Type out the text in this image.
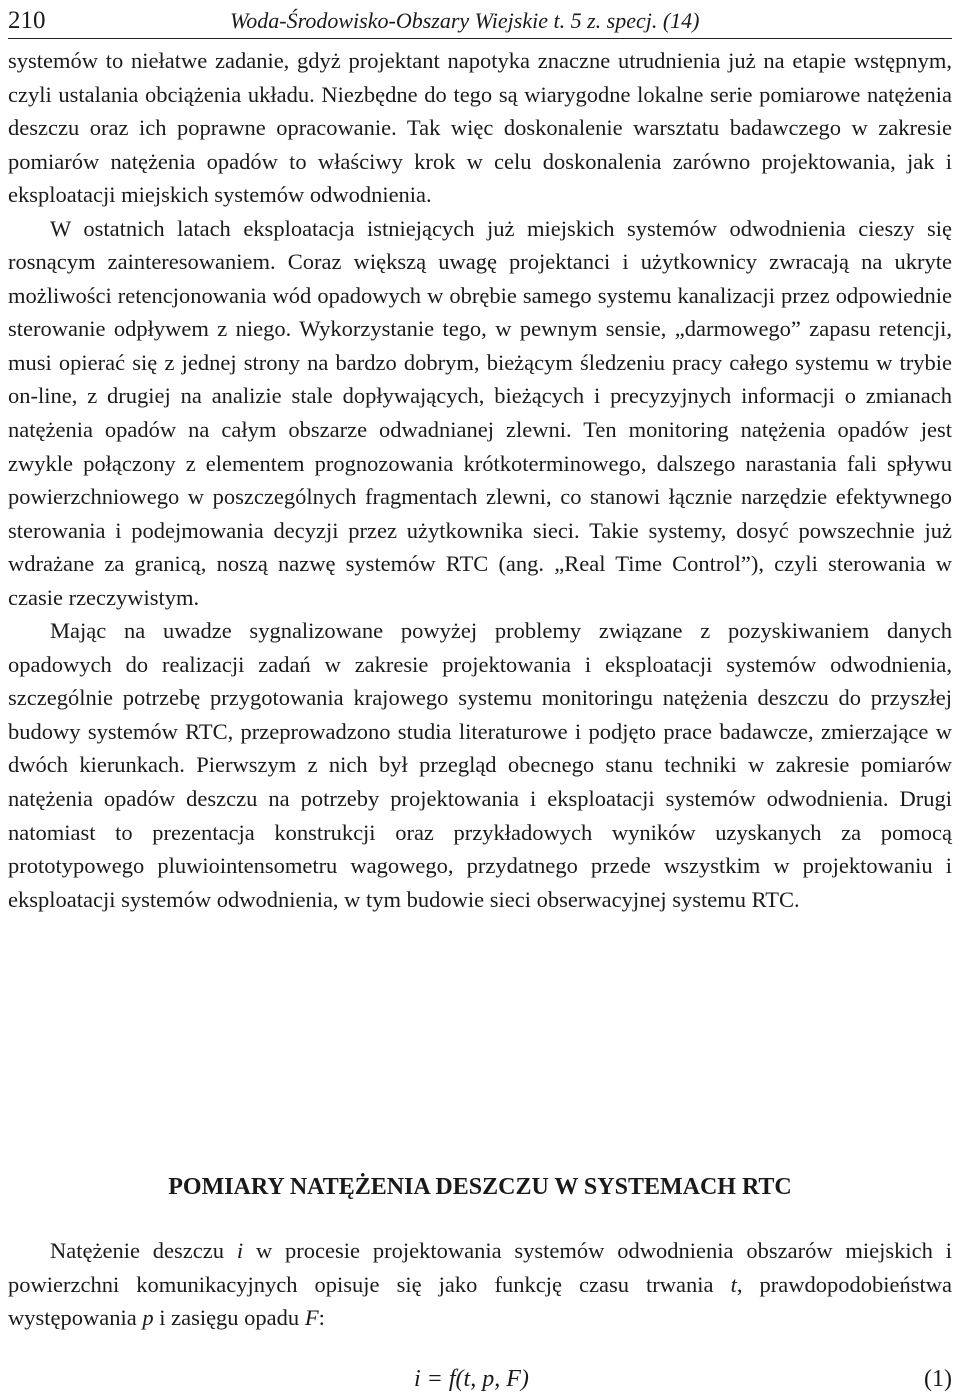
210	Woda-Środowisko-Obszary Wiejskie t. 5 z. specj. (14)

systemów to niełatwe zadanie, gdyż projektant napotyka znaczne utrudnienia już na etapie wstępnym, czyli ustalania obciążenia układu. Niezbędne do tego są wiarygodne lokalne serie pomiarowe natężenia deszczu oraz ich poprawne opracowanie. Tak więc doskonalenie warsztatu badawczego w zakresie pomiarów natężenia opadów to właściwy krok w celu doskonalenia zarówno projektowania, jak i eksploatacji miejskich systemów odwodnienia.

W ostatnich latach eksploatacja istniejących już miejskich systemów odwodnienia cieszy się rosnącym zainteresowaniem. Coraz większą uwagę projektanci i użytkownicy zwracają na ukryte możliwości retencjonowania wód opadowych w obrębie samego systemu kanalizacji przez odpowiednie sterowanie odpływem z niego. Wykorzystanie tego, w pewnym sensie, „darmowego” zapasu retencji, musi opierać się z jednej strony na bardzo dobrym, bieżącym śledzeniu pracy całego systemu w trybie on-line, z drugiej na analizie stale dopływających, bieżących i precyzyjnych informacji o zmianach natężenia opadów na całym obszarze odwadnianej zlewni. Ten monitoring natężenia opadów jest zwykle połączony z elementem prognozowania krótkoterminowego, dalszego narastania fali spływu powierzchniowego w poszczególnych fragmentach zlewni, co stanowi łącznie narzędzie efektywnego sterowania i podejmowania decyzji przez użytkownika sieci. Takie systemy, dosyć powszechnie już wdrażane za granicą, noszą nazwę systemów RTC (ang. „Real Time Control”), czyli sterowania w czasie rzeczywistym.

Mając na uwadze sygnalizowane powyżej problemy związane z pozyskiwaniem danych opadowych do realizacji zadań w zakresie projektowania i eksploatacji systemów odwodnienia, szczególnie potrzebę przygotowania krajowego systemu monitoringu natężenia deszczu do przyszłej budowy systemów RTC, przeprowadzono studia literaturowe i podjęto prace badawcze, zmierzające w dwóch kierunkach. Pierwszym z nich był przegląd obecnego stanu techniki w zakresie pomiarów natężenia opadów deszczu na potrzeby projektowania i eksploatacji systemów odwodnienia. Drugi natomiast to prezentacja konstrukcji oraz przykładowych wyników uzyskanych za pomocą prototypowego pluwiointensometru wagowego, przydatnego przede wszystkim w projektowaniu i eksploatacji systemów odwodnienia, w tym budowie sieci obserwacyjnej systemu RTC.

POMIARY NATĘŻENIA DESZCZU W SYSTEMACH RTC

Natężenie deszczu i w procesie projektowania systemów odwodnienia obszarów miejskich i powierzchni komunikacyjnych opisuje się jako funkcję czasu trwania t, prawdopodobieństwa występowania p i zasięgu opadu F:

i = f(t, p, F)	(1)
